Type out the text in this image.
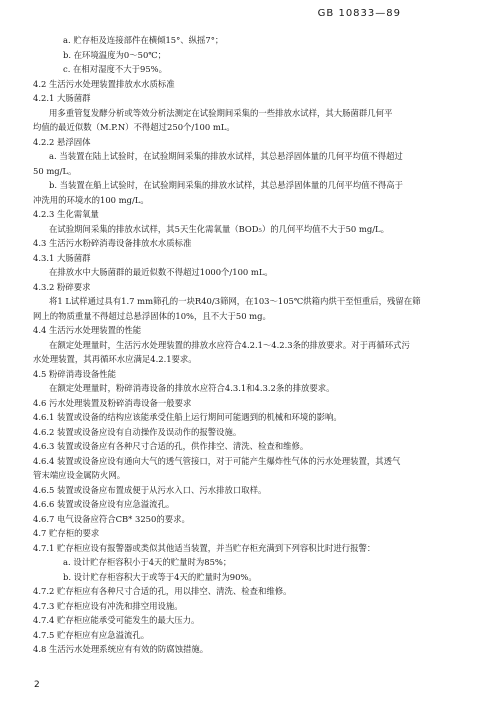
GB 10833—89
a. 贮存柜及连接部件在横倾15°、纵摇7°；
b. 在环境温度为0～50℃；
c. 在相对湿度不大于95%。
4.2 生活污水处理装置排放水水质标准
4.2.1 大肠菌群
用多重管复发酵分析或等效分析法测定在试验期间采集的一些排放水试样，其大肠菌群几何平
均值的最近似数（M.P.N）不得超过250个/100 mL。
4.2.2 悬浮固体
a. 当装置在陆上试验时，在试验期间采集的排放水试样，其总悬浮固体量的几何平均值不得超过
50 mg/L。
b. 当装置在船上试验时，在试验期间采集的排放水试样，其总悬浮固体量的几何平均值不得高于
冲洗用的环境水的100 mg/L。
4.2.3 生化需氧量
在试验期间采集的排放水试样，其5天生化需氧量（BOD₅）的几何平均值不大于50 mg/L。
4.3 生活污水粉碎消毒设备排放水水质标准
4.3.1 大肠菌群
在排放水中大肠菌群的最近似数不得超过1000个/100 mL。
4.3.2 粉碎要求
将1 L试样通过具有1.7 mm筛孔的一块R40/3筛网，在103～105℃烘箱内烘干至恒重后，残留在筛
网上的物质重量不得超过总悬浮固体的10%，且不大于50 mg。
4.4 生活污水处理装置的性能
在额定处理量时，生活污水处理装置的排放水应符合4.2.1～4.2.3条的排放要求。对于再循环式污
水处理装置，其再循环水应满足4.2.1要求。
4.5 粉碎消毒设备性能
在额定处理量时，粉碎消毒设备的排放水应符合4.3.1和4.3.2条的排放要求。
4.6 污水处理装置及粉碎消毒设备一般要求
4.6.1 装置或设备的结构应该能承受住船上运行期间可能遇到的机械和环境的影响。
4.6.2 装置或设备应设有自动操作及误动作的报警设施。
4.6.3 装置或设备应有各种尺寸合适的孔，供作排空、清洗、检查和维修。
4.6.4 装置或设备应设有通向大气的透气管接口，对于可能产生爆炸性气体的污水处理装置，其透气
管末端应设金属防火网。
4.6.5 装置或设备应布置成便于从污水入口、污水排放口取样。
4.6.6 装置或设备应设有应急溢流孔。
4.6.7 电气设备应符合CB* 3250的要求。
4.7 贮存柜的要求
4.7.1 贮存柜应设有报警器或类似其他适当装置，并当贮存柜充满到下列容积比时进行报警：
a. 设计贮存柜容积小于4天的贮量时为85%；
b. 设计贮存柜容积大于或等于4天的贮量时为90%。
4.7.2 贮存柜应有各种尺寸合适的孔，用以排空、清洗、检查和维修。
4.7.3 贮存柜应设有冲洗和排空用设施。
4.7.4 贮存柜应能承受可能发生的最大压力。
4.7.5 贮存柜应有应急溢流孔。
4.8 生活污水处理系统应有有效的防腐蚀措施。
2
